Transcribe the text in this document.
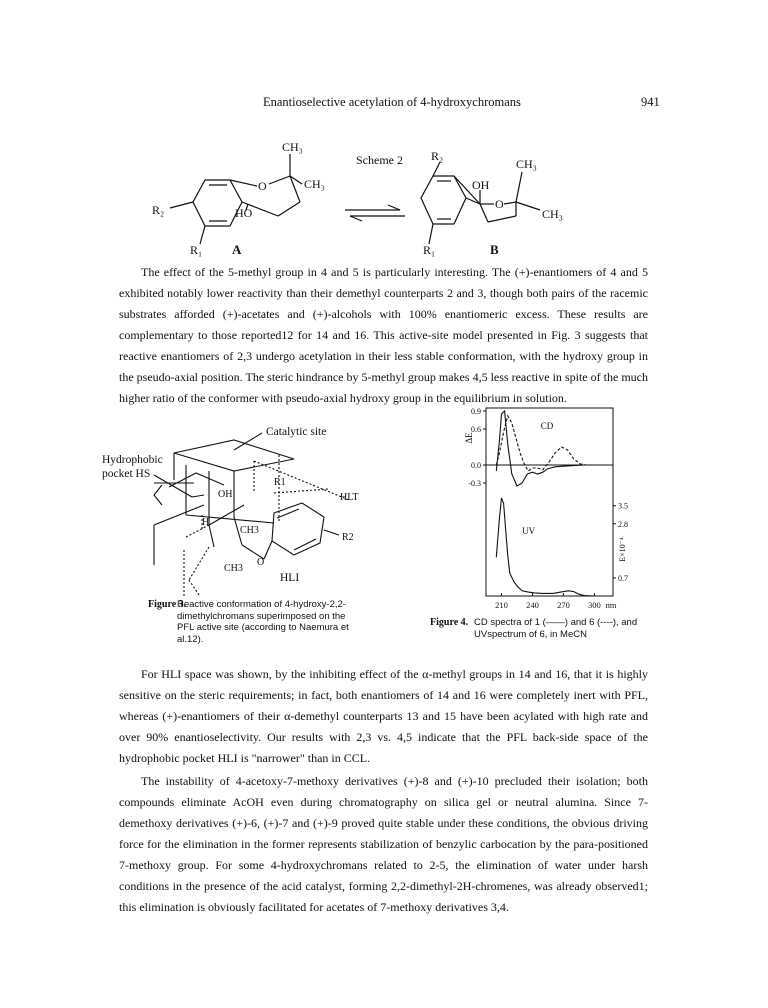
Enantioselective acetylation of 4-hydroxychromans	941
Scheme 2
CH₃
CH₃
O
HO
R₂
R₁ A
R₂
OH
CH₃
O
CH₃
R₁	B

The effect of the 5-methyl group in 4 and 5 is particularly interesting. The (+)-enantiomers of 4 and 5 exhibited notably lower reactivity than their demethyl counterparts 2 and 3, though both pairs of the racemic substrates afforded (+)-acetates and (+)-alcohols with 100% enantiomeric excess. These results are complementary to those reported12 for 14 and 16. This active-site model presented in Fig. 3 suggests that reactive enantiomers of 2,3 undergo acetylation in their less stable conformation, with the hydroxy group in the pseudo-axial position. The steric hindrance by 5-methyl group makes 4,5 less reactive in spite of the much higher ratio of the conformer with pseudo-axial hydroxy group in the equilibrium in solution.

Catalytic site
Hydrophobic
pocket HS
OH
R1
HLT
H
CH3
CH3
O
R2
HLI
Figure 3.
Reactive conformation of 4-hydroxy-2,2-dimethylchromans superimposed on the PFL active site (according to Naemura et al.12).
0.9
0.6
0.0
-0.3
ΔE
3.5
2.8
0.7
E×10⁻⁴
210 240 270 300 nm
CD
UV
Figure 4. CD spectra of 1 (——) and 6 (----), and UVspectrum of 6, in MeCN

For HLI space was shown, by the inhibiting effect of the α-methyl groups in 14 and 16, that it is highly sensitive on the steric requirements; in fact, both enantiomers of 14 and 16 were completely inert with PFL, whereas (+)-enantiomers of their α-demethyl counterparts 13 and 15 have been acylated with high rate and over 90% enantioselectivity. Our results with 2,3 vs. 4,5 indicate that the PFL back-side space of the hydrophobic pocket HLI is "narrower" than in CCL.

The instability of 4-acetoxy-7-methoxy derivatives (+)-8 and (+)-10 precluded their isolation; both compounds eliminate AcOH even during chromatography on silica gel or neutral alumina. Since 7-demethoxy derivatives (+)-6, (+)-7 and (+)-9 proved quite stable under these conditions, the obvious driving force for the elimination in the former represents stabilization of benzylic carbocation by the para-positioned 7-methoxy group. For some 4-hydroxychromans related to 2-5, the elimination of water under harsh conditions in the presence of the acid catalyst, forming 2,2-dimethyl-2H-chromenes, was already observed1; this elimination is obviously facilitated for acetates of 7-methoxy derivatives 3,4.
